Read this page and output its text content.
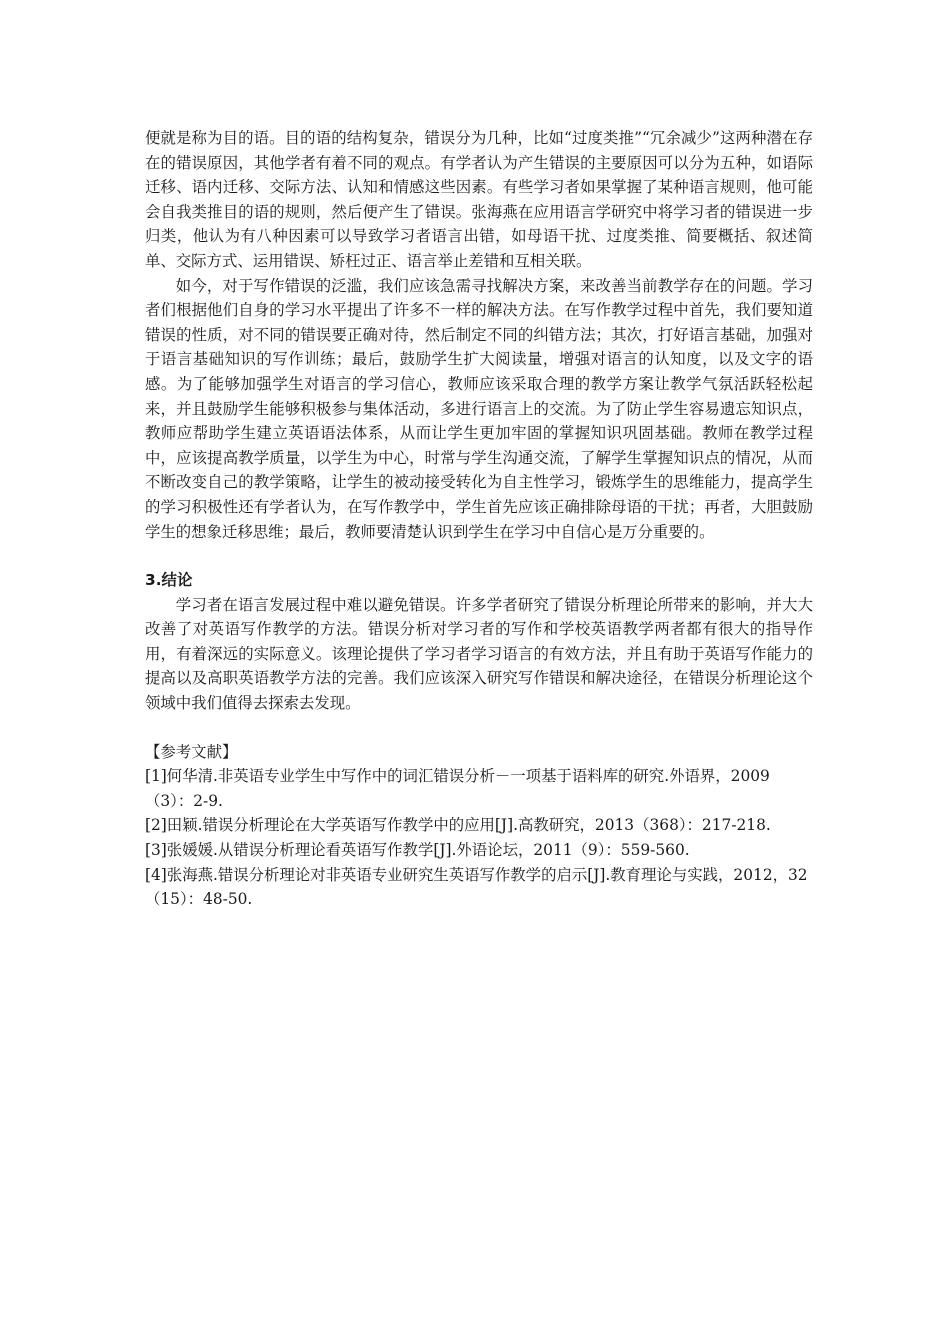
便就是称为目的语。目的语的结构复杂，错误分为几种，比如“过度类推”“冗余减少”这两种潜在存在的错误原因，其他学者有着不同的观点。有学者认为产生错误的主要原因可以分为五种，如语际迁移、语内迁移、交际方法、认知和情感这些因素。有些学习者如果掌握了某种语言规则，他可能会自我类推目的语的规则，然后便产生了错误。张海燕在应用语言学研究中将学习者的错误进一步归类，他认为有八种因素可以导致学习者语言出错，如母语干扰、过度类推、简要概括、叙述简单、交际方式、运用错误、矫枉过正、语言举止差错和互相关联。

如今，对于写作错误的泛滥，我们应该急需寻找解决方案，来改善当前教学存在的问题。学习者们根据他们自身的学习水平提出了许多不一样的解决方法。在写作教学过程中首先，我们要知道错误的性质，对不同的错误要正确对待，然后制定不同的纠错方法；其次，打好语言基础，加强对于语言基础知识的写作训练；最后，鼓励学生扩大阅读量，增强对语言的认知度，以及文字的语感。为了能够加强学生对语言的学习信心，教师应该采取合理的教学方案让教学气氛活跃轻松起来，并且鼓励学生能够积极参与集体活动，多进行语言上的交流。为了防止学生容易遗忘知识点，教师应帮助学生建立英语语法体系，从而让学生更加牢固的掌握知识巩固基础。教师在教学过程中，应该提高教学质量，以学生为中心，时常与学生沟通交流，了解学生掌握知识点的情况，从而不断改变自己的教学策略，让学生的被动接受转化为自主性学习，锻炼学生的思维能力，提高学生的学习积极性还有学者认为，在写作教学中，学生首先应该正确排除母语的干扰；再者，大胆鼓励学生的想象迁移思维；最后，教师要清楚认识到学生在学习中自信心是万分重要的。

3.结论

学习者在语言发展过程中难以避免错误。许多学者研究了错误分析理论所带来的影响，并大大改善了对英语写作教学的方法。错误分析对学习者的写作和学校英语教学两者都有很大的指导作用，有着深远的实际意义。该理论提供了学习者学习语言的有效方法，并且有助于英语写作能力的提高以及高职英语教学方法的完善。我们应该深入研究写作错误和解决途径，在错误分析理论这个领域中我们值得去探索去发现。

【参考文献】

[1]何华清.非英语专业学生中写作中的词汇错误分析－一项基于语料库的研究.外语界，2009（3）：2-9.

[2]田颖.错误分析理论在大学英语写作教学中的应用[J].高教研究，2013（368）：217-218.

[3]张媛媛.从错误分析理论看英语写作教学[J].外语论坛，2011（9）：559-560.

[4]张海燕.错误分析理论对非英语专业研究生英语写作教学的启示[J].教育理论与实践，2012，32（15）：48-50.
